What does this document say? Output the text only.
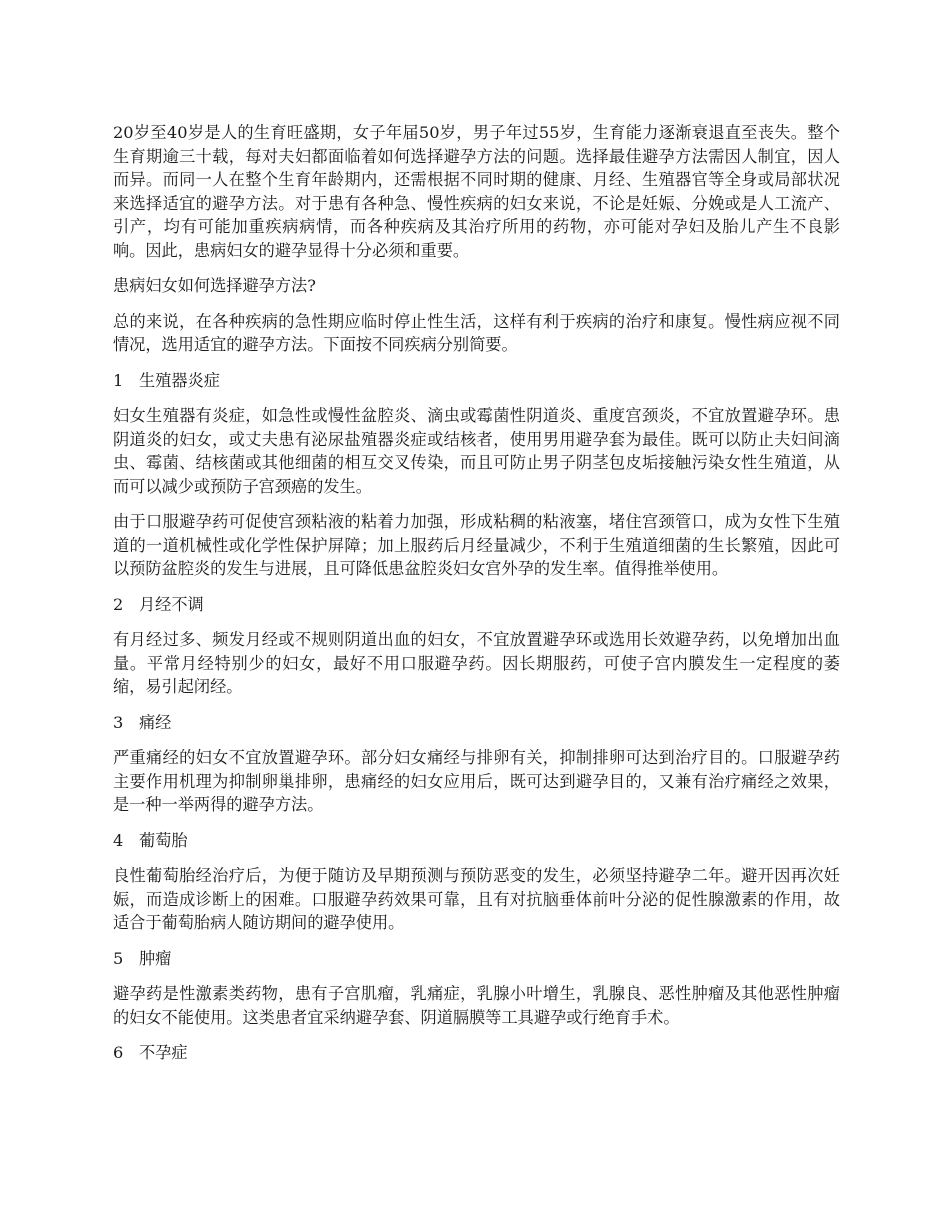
20岁至40岁是人的生育旺盛期，女子年届50岁，男子年过55岁，生育能力逐渐衰退直至丧失。整个生育期逾三十载，每对夫妇都面临着如何选择避孕方法的问题。选择最佳避孕方法需因人制宜，因人而异。而同一人在整个生育年龄期内，还需根据不同时期的健康、月经、生殖器官等全身或局部状况来选择适宜的避孕方法。对于患有各种急、慢性疾病的妇女来说，不论是妊娠、分娩或是人工流产、引产，均有可能加重疾病病情，而各种疾病及其治疗所用的药物，亦可能对孕妇及胎儿产生不良影响。因此，患病妇女的避孕显得十分必须和重要。

患病妇女如何选择避孕方法?

总的来说，在各种疾病的急性期应临时停止性生活，这样有利于疾病的治疗和康复。慢性病应视不同情况，选用适宜的避孕方法。下面按不同疾病分别简要。

1 生殖器炎症

妇女生殖器有炎症，如急性或慢性盆腔炎、滴虫或霉菌性阴道炎、重度宫颈炎，不宜放置避孕环。患阴道炎的妇女，或丈夫患有泌尿盐殖器炎症或结核者，使用男用避孕套为最佳。既可以防止夫妇间滴虫、霉菌、结核菌或其他细菌的相互交叉传染，而且可防止男子阴茎包皮垢接触污染女性生殖道，从而可以减少或预防子宫颈癌的发生。

由于口服避孕药可促使宫颈粘液的粘着力加强，形成粘稠的粘液塞，堵住宫颈管口，成为女性下生殖道的一道机械性或化学性保护屏障；加上服药后月经量减少，不利于生殖道细菌的生长繁殖，因此可以预防盆腔炎的发生与进展，且可降低患盆腔炎妇女宫外孕的发生率。值得推举使用。

2 月经不调

有月经过多、频发月经或不规则阴道出血的妇女，不宜放置避孕环或选用长效避孕药，以免增加出血量。平常月经特别少的妇女，最好不用口服避孕药。因长期服药，可使子宫内膜发生一定程度的萎缩，易引起闭经。

3 痛经

严重痛经的妇女不宜放置避孕环。部分妇女痛经与排卵有关，抑制排卵可达到治疗目的。口服避孕药主要作用机理为抑制卵巢排卵，患痛经的妇女应用后，既可达到避孕目的，又兼有治疗痛经之效果，是一种一举两得的避孕方法。

4 葡萄胎

良性葡萄胎经治疗后，为便于随访及早期预测与预防恶变的发生，必须坚持避孕二年。避开因再次妊娠，而造成诊断上的困难。口服避孕药效果可靠，且有对抗脑垂体前叶分泌的促性腺激素的作用，故适合于葡萄胎病人随访期间的避孕使用。

5 肿瘤

避孕药是性激素类药物，患有子宫肌瘤，乳痛症，乳腺小叶增生，乳腺良、恶性肿瘤及其他恶性肿瘤的妇女不能使用。这类患者宜采纳避孕套、阴道膈膜等工具避孕或行绝育手术。

6 不孕症
